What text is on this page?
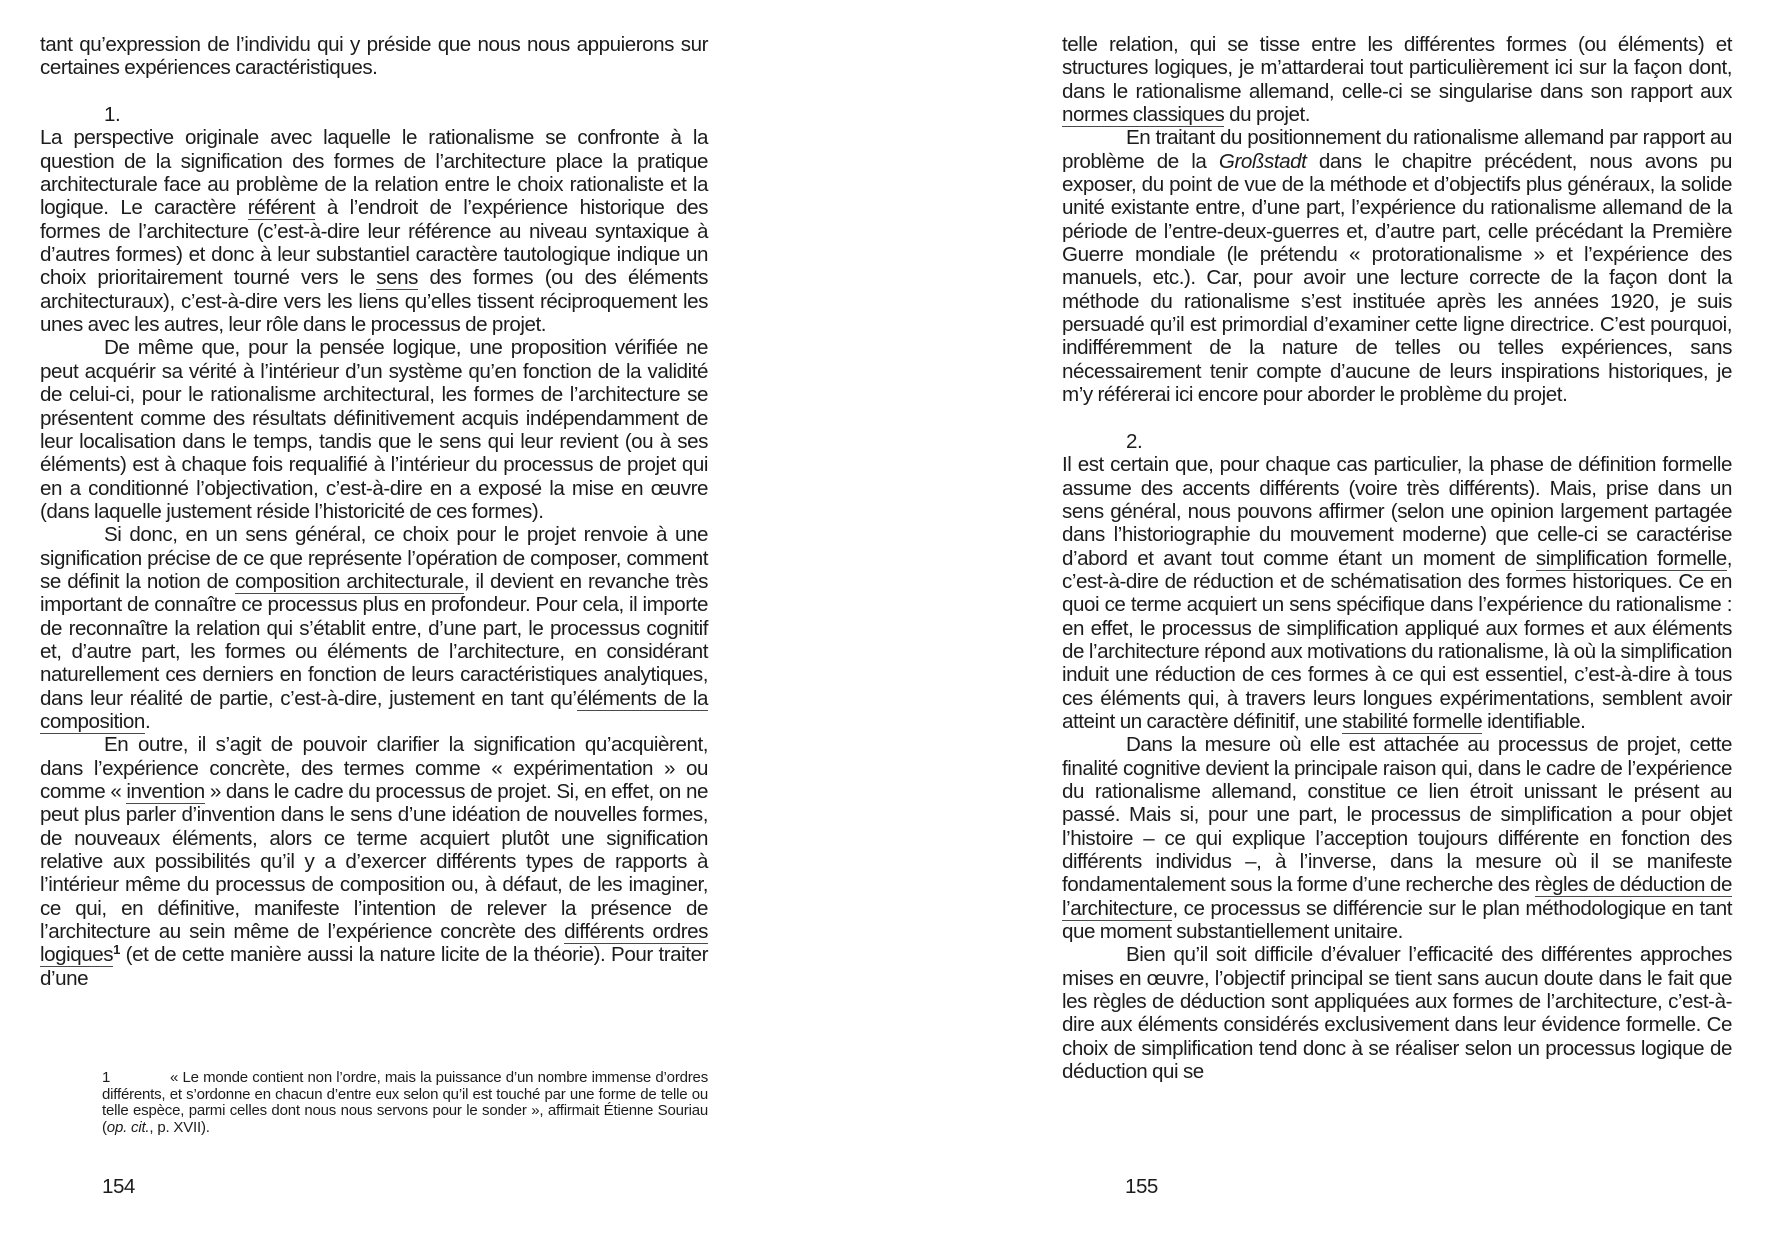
tant qu’expression de l’individu qui y préside que nous nous appuierons sur certaines expériences caractéristiques.

1.

La perspective originale avec laquelle le rationalisme se confronte à la question de la signification des formes de l’architecture place la pratique architecturale face au problème de la relation entre le choix rationaliste et la logique. Le caractère référent à l’endroit de l’expérience historique des formes de l’architecture (c’est-à-dire leur référence au niveau syntaxique à d’autres formes) et donc à leur substantiel caractère tautologique indique un choix prioritairement tourné vers le sens des formes (ou des éléments architecturaux), c’est-à-dire vers les liens qu’elles tissent réciproquement les unes avec les autres, leur rôle dans le processus de projet.

De même que, pour la pensée logique, une proposition vérifiée ne peut acquérir sa vérité à l’intérieur d’un système qu’en fonction de la validité de celui-ci, pour le rationalisme architectural, les formes de l’architecture se présentent comme des résultats définitivement acquis indépendamment de leur localisation dans le temps, tandis que le sens qui leur revient (ou à ses éléments) est à chaque fois requalifié à l’intérieur du processus de projet qui en a conditionné l’objectivation, c’est-à-dire en a exposé la mise en œuvre (dans laquelle justement réside l’historicité de ces formes).

Si donc, en un sens général, ce choix pour le projet renvoie à une signification précise de ce que représente l’opération de composer, comment se définit la notion de composition architecturale, il devient en revanche très important de connaître ce processus plus en profondeur. Pour cela, il importe de reconnaître la relation qui s’établit entre, d’une part, le processus cognitif et, d’autre part, les formes ou éléments de l’architecture, en considérant naturellement ces derniers en fonction de leurs caractéristiques analytiques, dans leur réalité de partie, c’est-à-dire, justement en tant qu’éléments de la composition.

En outre, il s’agit de pouvoir clarifier la signification qu’acquièrent, dans l’expérience concrète, des termes comme « expérimentation » ou comme « invention » dans le cadre du processus de projet. Si, en effet, on ne peut plus parler d’invention dans le sens d’une idéation de nouvelles formes, de nouveaux éléments, alors ce terme acquiert plutôt une signification relative aux possibilités qu’il y a d’exercer différents types de rapports à l’intérieur même du processus de composition ou, à défaut, de les imaginer, ce qui, en définitive, manifeste l’intention de relever la présence de l’architecture au sein même de l’expérience concrète des différents ordres logiques$^1$ (et de cette manière aussi la nature licite de la théorie). Pour traiter d’une

1	« Le monde contient non l’ordre, mais la puissance d’un nombre immense d’ordres différents, et s’ordonne en chacun d’entre eux selon qu’il est touché par une forme de telle ou telle espèce, parmi celles dont nous nous servons pour le sonder », affirmait Étienne Souriau (op. cit., p. XVII).
154

telle relation, qui se tisse entre les différentes formes (ou éléments) et structures logiques, je m’attarderai tout particulièrement ici sur la façon dont, dans le rationalisme allemand, celle-ci se singularise dans son rapport aux normes classiques du projet.

En traitant du positionnement du rationalisme allemand par rapport au problème de la Großstadt dans le chapitre précédent, nous avons pu exposer, du point de vue de la méthode et d’objectifs plus généraux, la solide unité existante entre, d’une part, l’expérience du rationalisme allemand de la période de l’entre-deux-guerres et, d’autre part, celle précédant la Première Guerre mondiale (le prétendu « protorationalisme » et l’expérience des manuels, etc.). Car, pour avoir une lecture correcte de la façon dont la méthode du rationalisme s’est instituée après les années 1920, je suis persuadé qu’il est primordial d’examiner cette ligne directrice. C’est pourquoi, indifféremment de la nature de telles ou telles expériences, sans nécessairement tenir compte d’aucune de leurs inspirations historiques, je m’y référerai ici encore pour aborder le problème du projet.

2.

Il est certain que, pour chaque cas particulier, la phase de définition formelle assume des accents différents (voire très différents). Mais, prise dans un sens général, nous pouvons affirmer (selon une opinion largement partagée dans l’historiographie du mouvement moderne) que celle-ci se caractérise d’abord et avant tout comme étant un moment de simplification formelle, c’est-à-dire de réduction et de schématisation des formes historiques. Ce en quoi ce terme acquiert un sens spécifique dans l’expérience du rationalisme : en effet, le processus de simplification appliqué aux formes et aux éléments de l’architecture répond aux motivations du rationalisme, là où la simplification induit une réduction de ces formes à ce qui est essentiel, c’est-à-dire à tous ces éléments qui, à travers leurs longues expérimentations, semblent avoir atteint un caractère définitif, une stabilité formelle identifiable.

Dans la mesure où elle est attachée au processus de projet, cette finalité cognitive devient la principale raison qui, dans le cadre de l’expérience du rationalisme allemand, constitue ce lien étroit unissant le présent au passé. Mais si, pour une part, le processus de simplification a pour objet l’histoire – ce qui explique l’acception toujours différente en fonction des différents individus –, à l’inverse, dans la mesure où il se manifeste fondamentalement sous la forme d’une recherche des règles de déduction de l’architecture, ce processus se différencie sur le plan méthodologique en tant que moment substantiellement unitaire.

Bien qu’il soit difficile d’évaluer l’efficacité des différentes approches mises en œuvre, l’objectif principal se tient sans aucun doute dans le fait que les règles de déduction sont appliquées aux formes de l’architecture, c’est-à-dire aux éléments considérés exclusivement dans leur évidence formelle. Ce choix de simplification tend donc à se réaliser selon un processus logique de déduction qui se

155
